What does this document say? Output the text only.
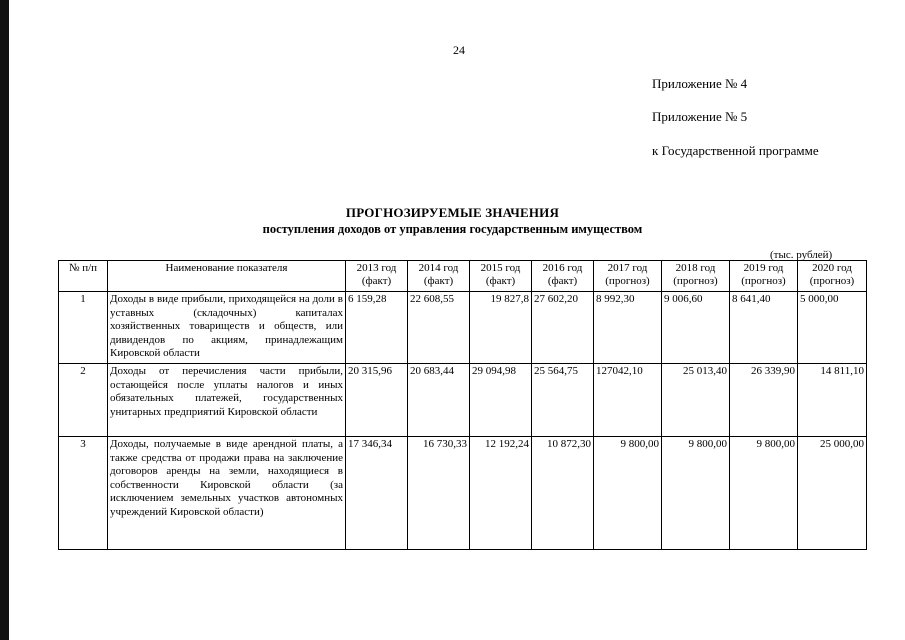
24
Приложение № 4
Приложение № 5
к Государственной программе
ПРОГНОЗИРУЕМЫЕ ЗНАЧЕНИЯ
поступления доходов от управления государственным имуществом
(тыс. рублей)
№ п/п	Наименование показателя	2013 год (факт)	2014 год (факт)	2015 год (факт)	2016 год (факт)	2017 год (прогноз)	2018 год (прогноз)	2019 год (прогноз)	2020 год (прогноз)
1	Доходы в виде прибыли, приходящейся на доли в уставных (складочных) капиталах хозяйственных товариществ и обществ, или дивидендов по акциям, принадлежащим Кировской области	6 159,28	22 608,55	19 827,8	27 602,20	8 992,30	9 006,60	8 641,40	5 000,00
2	Доходы от перечисления части прибыли, остающейся после уплаты налогов и иных обязательных платежей, государственных унитарных предприятий Кировской области	20 315,96	20 683,44	29 094,98	25 564,75	127042,10	25 013,40	26 339,90	14 811,10
3	Доходы, получаемые в виде арендной платы, а также средства от продажи права на заключение договоров аренды на земли, находящиеся в собственности Кировской области (за исключением земельных участков автономных учреждений Кировской области)	17 346,34	16 730,33	12 192,24	10 872,30	9 800,00	9 800,00	9 800,00	25 000,00
